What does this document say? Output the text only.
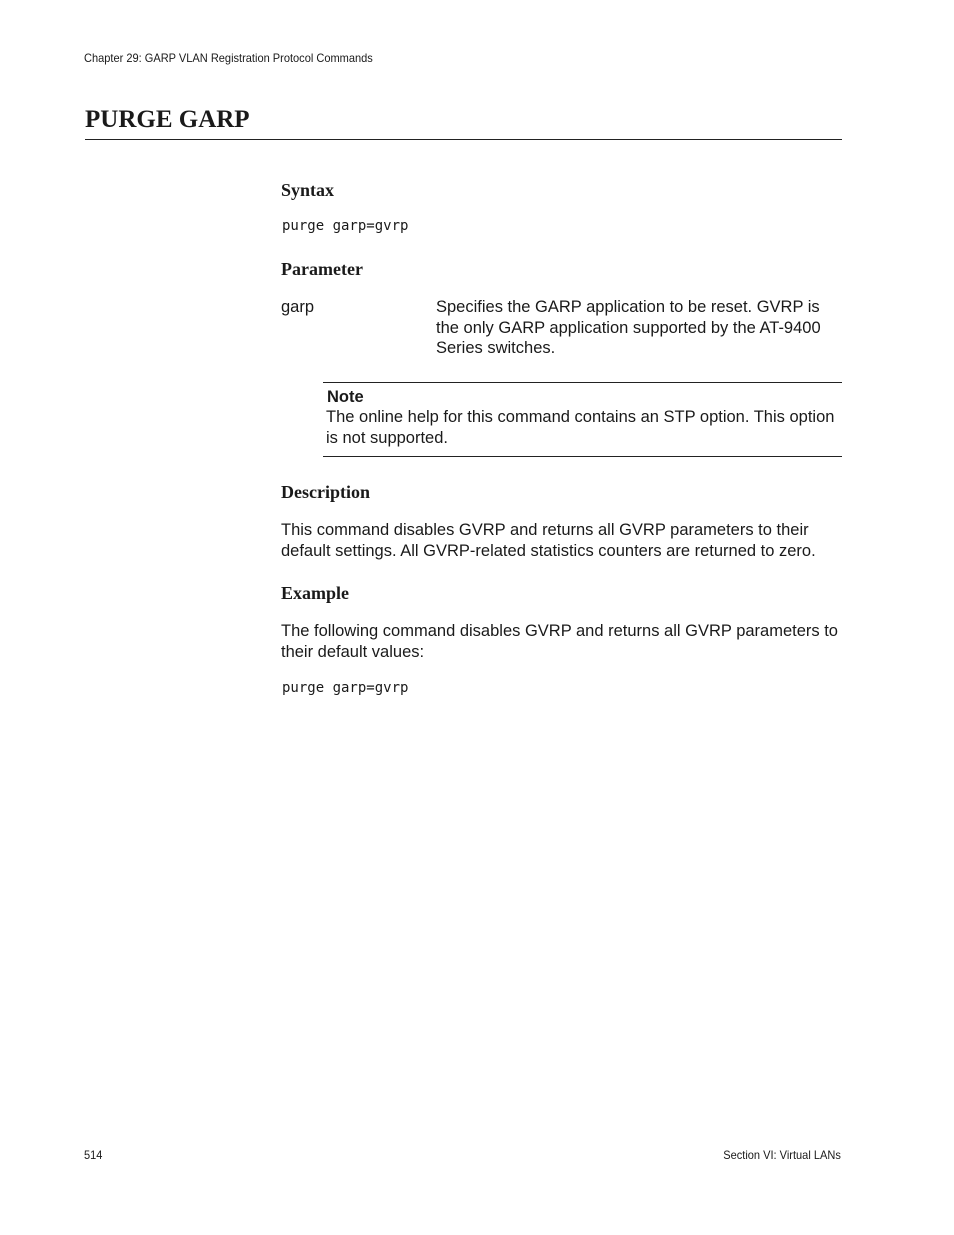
Chapter 29: GARP VLAN Registration Protocol Commands
PURGE GARP
Syntax
purge garp=gvrp
Parameter
garp	Specifies the GARP application to be reset. GVRP is the only GARP application supported by the AT-9400 Series switches.

Note

The online help for this command contains an STP option. This option is not supported.

Description

This command disables GVRP and returns all GVRP parameters to their default settings. All GVRP-related statistics counters are returned to zero.

Example

The following command disables GVRP and returns all GVRP parameters to their default values:

purge garp=gvrp
514	Section VI: Virtual LANs
